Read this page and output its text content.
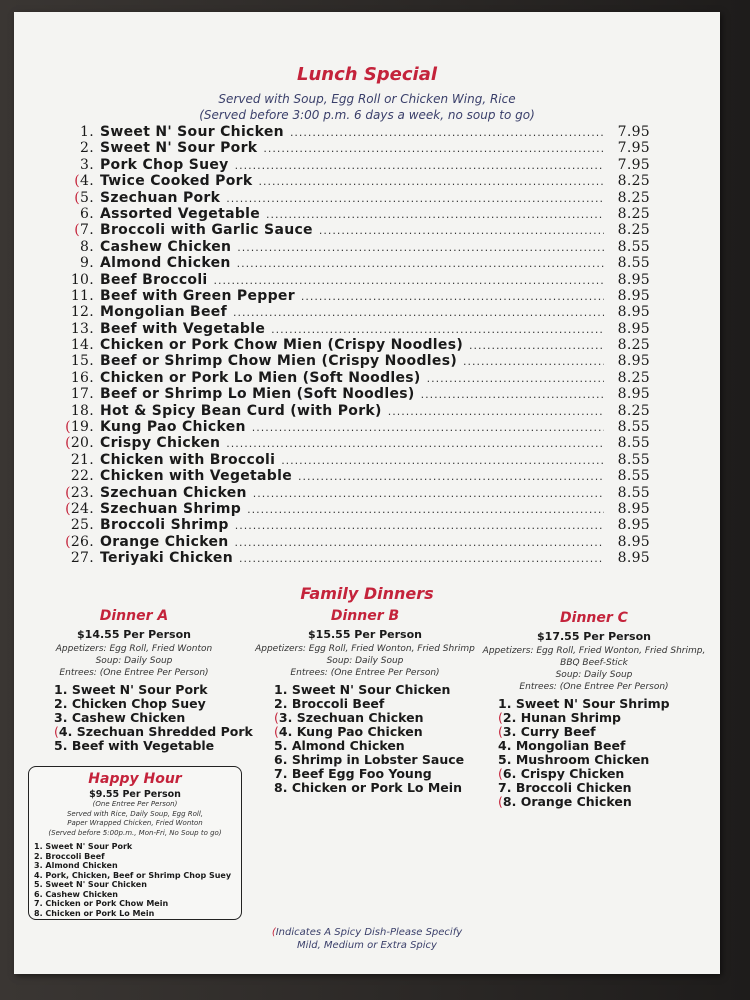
Lunch Special
Served with Soup, Egg Roll or Chicken Wing, Rice
(Served before 3:00 p.m. 6 days a week, no soup to go)
1. Sweet N' Sour Chicken .....	7.95
2. Sweet N' Sour Pork .....	7.95
3. Pork Chop Suey .....	7.95
(4. Twice Cooked Pork .....	8.25
(5. Szechuan Pork .....	8.25
6. Assorted Vegetable .....	8.25
(7. Broccoli with Garlic Sauce .....	8.25
8. Cashew Chicken .....	8.55
9. Almond Chicken .....	8.55
10. Beef Broccoli .....	8.95
11. Beef with Green Pepper .....	8.95
12. Mongolian Beef .....	8.95
13. Beef with Vegetable .....	8.95
14. Chicken or Pork Chow Mien (Crispy Noodles) .....	8.25
15. Beef or Shrimp Chow Mien (Crispy Noodles) .....	8.95
16. Chicken or Pork Lo Mien (Soft Noodles) .....	8.25
17. Beef or Shrimp Lo Mien (Soft Noodles) .....	8.95
18. Hot & Spicy Bean Curd (with Pork) .....	8.25
(19. Kung Pao Chicken .....	8.55
(20. Crispy Chicken .....	8.55
21. Chicken with Broccoli .....	8.55
22. Chicken with Vegetable .....	8.55
(23. Szechuan Chicken .....	8.55
(24. Szechuan Shrimp .....	8.95
25. Broccoli Shrimp .....	8.95
(26. Orange Chicken .....	8.95
27. Teriyaki Chicken .....	8.95
Family Dinners
Dinner A
$14.55 Per Person
Appetizers: Egg Roll, Fried Wonton
Soup: Daily Soup
Entrees: (One Entree Per Person)
1. Sweet N' Sour Pork
2. Chicken Chop Suey
3. Cashew Chicken
(4. Szechuan Shredded Pork
5. Beef with Vegetable
Dinner B
$15.55 Per Person
Appetizers: Egg Roll, Fried Wonton, Fried Shrimp
Soup: Daily Soup
Entrees: (One Entree Per Person)
1. Sweet N' Sour Chicken
2. Broccoli Beef
(3. Szechuan Chicken
(4. Kung Pao Chicken
5. Almond Chicken
6. Shrimp in Lobster Sauce
7. Beef Egg Foo Young
8. Chicken or Pork Lo Mein
Dinner C
$17.55 Per Person
Appetizers: Egg Roll, Fried Wonton, Fried Shrimp, BBQ Beef-Stick
Soup: Daily Soup
Entrees: (One Entree Per Person)
1. Sweet N' Sour Shrimp
(2. Hunan Shrimp
(3. Curry Beef
4. Mongolian Beef
5. Mushroom Chicken
(6. Crispy Chicken
7. Broccoli Chicken
(8. Orange Chicken
Happy Hour
$9.55 Per Person
(One Entree Per Person)
Served with Rice, Daily Soup, Egg Roll,
Paper Wrapped Chicken, Fried Wonton
(Served before 5:00p.m., Mon-Fri, No Soup to go)
1. Sweet N' Sour Pork
2. Broccoli Beef
3. Almond Chicken
4. Pork, Chicken, Beef or Shrimp Chop Suey
5. Sweet N' Sour Chicken
6. Cashew Chicken
7. Chicken or Pork Chow Mein
8. Chicken or Pork Lo Mein
(Indicates A Spicy Dish-Please Specify
Mild, Medium or Extra Spicy
